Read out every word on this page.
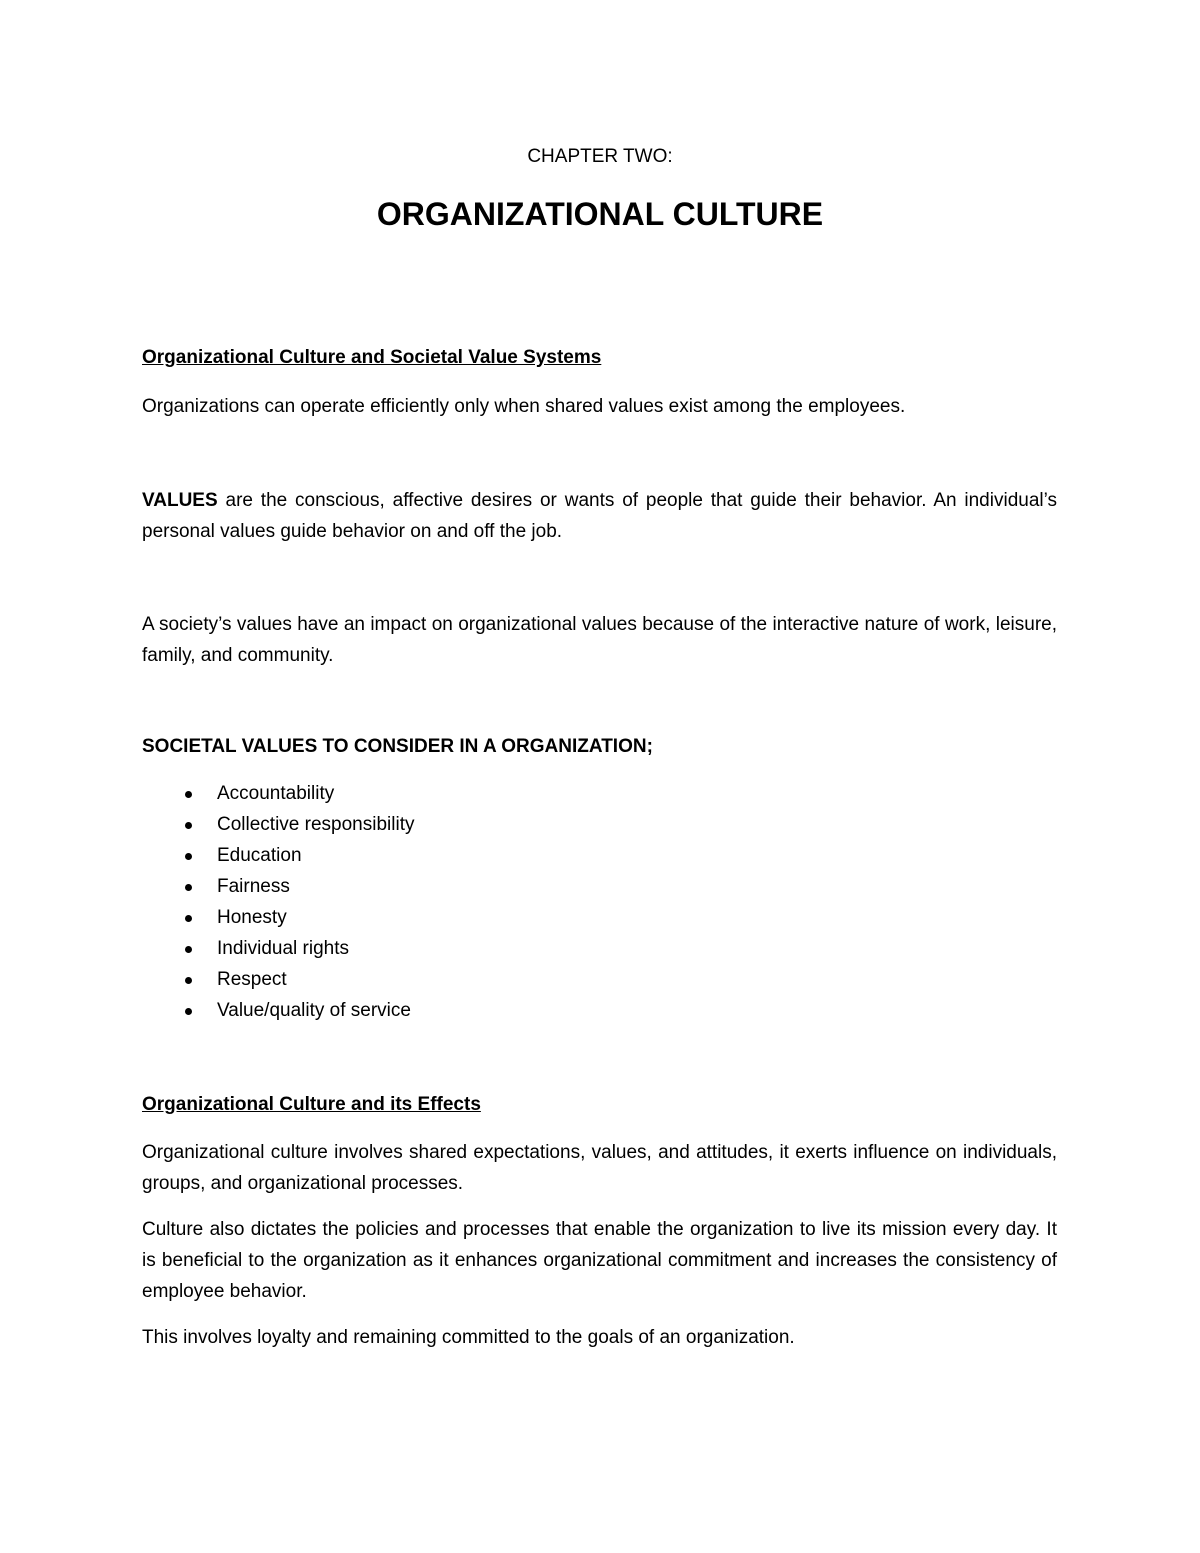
CHAPTER TWO:

ORGANIZATIONAL CULTURE
Organizational Culture and Societal Value Systems

Organizations can operate efficiently only when shared values exist among the employees.

VALUES are the conscious, affective desires or wants of people that guide their behavior. An individual’s personal values guide behavior on and off the job.

A society’s values have an impact on organizational values because of the interactive nature of work, leisure, family, and community.

SOCIETAL VALUES TO CONSIDER IN A ORGANIZATION;
Accountability
Collective responsibility
Education
Fairness
Honesty
Individual rights
Respect
Value/quality of service
Organizational Culture and its Effects

Organizational culture involves shared expectations, values, and attitudes, it exerts influence on individuals, groups, and organizational processes.

Culture also dictates the policies and processes that enable the organization to live its mission every day. It is beneficial to the organization as it enhances organizational commitment and increases the consistency of employee behavior.

This involves loyalty and remaining committed to the goals of an organization.
